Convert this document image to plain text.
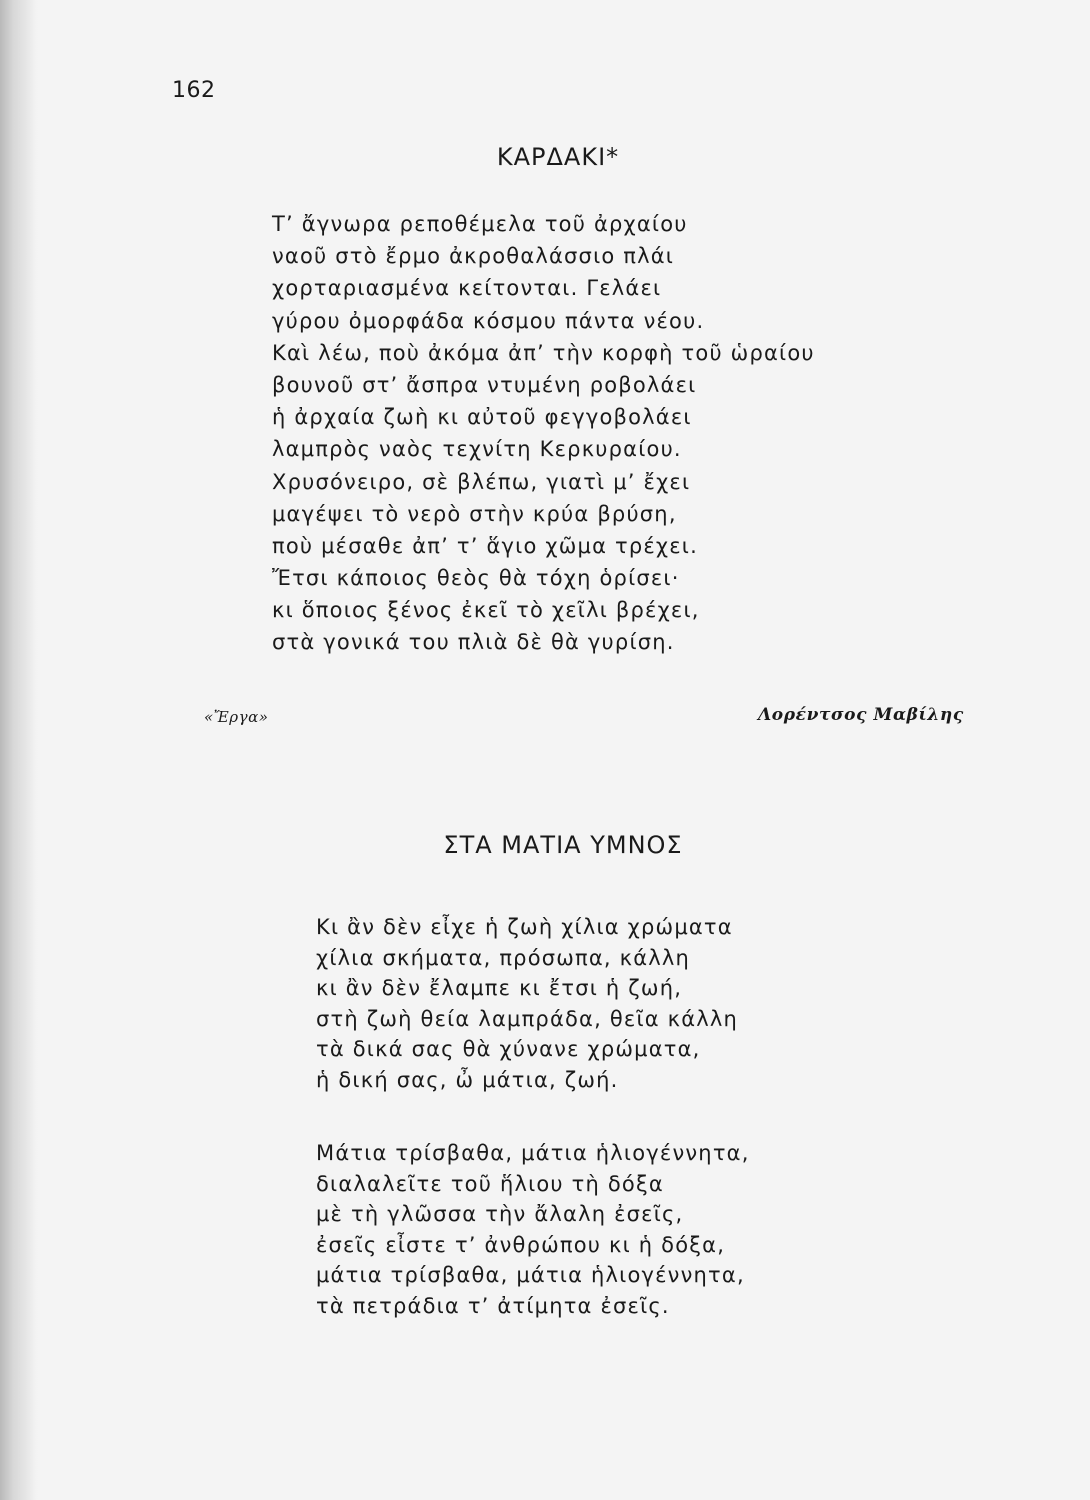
162
ΚΑΡΔΑΚΙ*
Τ’ ἄγνωρα ρεποθέμελα τοῦ ἀρχαίου
ναοῦ στὸ ἔρμο ἀκροθαλάσσιο πλάι
χορταριασμένα κείτονται. Γελάει
γύρου ὀμορφάδα κόσμου πάντα νέου.
Καὶ λέω, ποὺ ἀκόμα ἀπ’ τὴν κορφὴ τοῦ ὡραίου
βουνοῦ στ’ ἄσπρα ντυμένη ροβολάει
ἡ ἀρχαία ζωὴ κι αὐτοῦ φεγγοβολάει
λαμπρὸς ναὸς τεχνίτη Κερκυραίου.
Χρυσόνειρο, σὲ βλέπω, γιατὶ μ’ ἔχει
μαγέψει τὸ νερὸ στὴν κρύα βρύση,
ποὺ μέσαθε ἀπ’ τ’ ἅγιο χῶμα τρέχει.
Ἔτσι κάποιος θεὸς θὰ τόχη ὁρίσει·
κι ὅποιος ξένος ἐκεῖ τὸ χεῖλι βρέχει,
στὰ γονικά του πλιὰ δὲ θὰ γυρίση.
«Ἔργα»	Λορέντσος Μαβίλης
ΣΤΑ ΜΑΤΙΑ ΥΜΝΟΣ
Κι ἂν δὲν εἶχε ἡ ζωὴ χίλια χρώματα
χίλια σκήματα, πρόσωπα, κάλλη
κι ἂν δὲν ἔλαμπε κι ἔτσι ἡ ζωή,
στὴ ζωὴ θεία λαμπράδα, θεῖα κάλλη
τὰ δικά σας θὰ χύνανε χρώματα,
ἡ δική σας, ὦ μάτια, ζωή.
Μάτια τρίσβαθα, μάτια ἡλιογέννητα,
διαλαλεῖτε τοῦ ἥλιου τὴ δόξα
μὲ τὴ γλῶσσα τὴν ἄλαλη ἐσεῖς,
ἐσεῖς εἶστε τ’ ἀνθρώπου κι ἡ δόξα,
μάτια τρίσβαθα, μάτια ἡλιογέννητα,
τὰ πετράδια τ’ ἀτίμητα ἐσεῖς.
